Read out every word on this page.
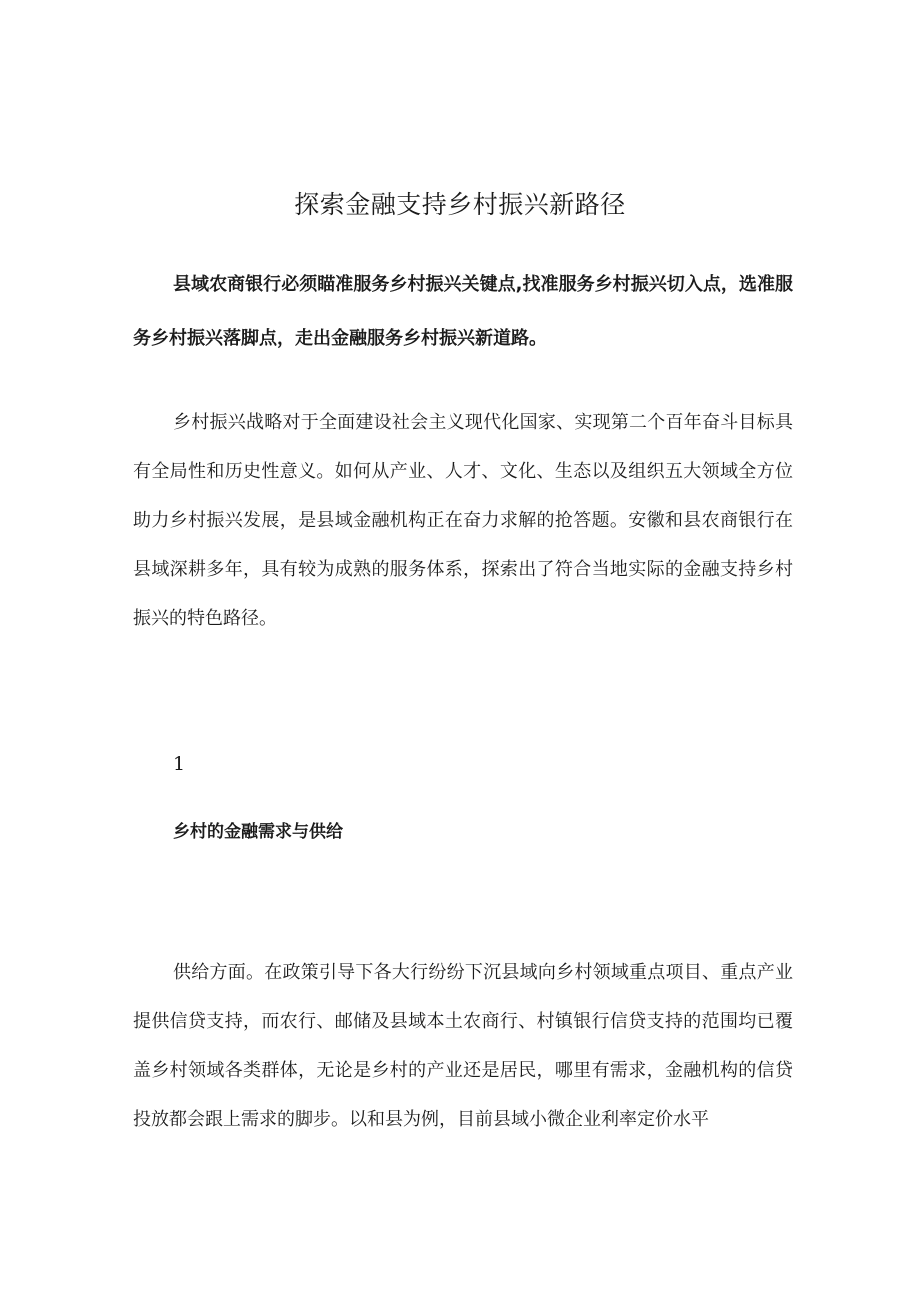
探索金融支持乡村振兴新路径

县域农商银行必须瞄准服务乡村振兴关键点,找准服务乡村振兴切入点，选准服务乡村振兴落脚点，走出金融服务乡村振兴新道路。

乡村振兴战略对于全面建设社会主义现代化国家、实现第二个百年奋斗目标具有全局性和历史性意义。如何从产业、人才、文化、生态以及组织五大领域全方位助力乡村振兴发展，是县域金融机构正在奋力求解的抢答题。安徽和县农商银行在县域深耕多年，具有较为成熟的服务体系，探索出了符合当地实际的金融支持乡村振兴的特色路径。

1
乡村的金融需求与供给

供给方面。在政策引导下各大行纷纷下沉县域向乡村领域重点项目、重点产业提供信贷支持，而农行、邮储及县域本土农商行、村镇银行信贷支持的范围均已覆盖乡村领域各类群体，无论是乡村的产业还是居民，哪里有需求，金融机构的信贷投放都会跟上需求的脚步。以和县为例，目前县域小微企业利率定价水平
